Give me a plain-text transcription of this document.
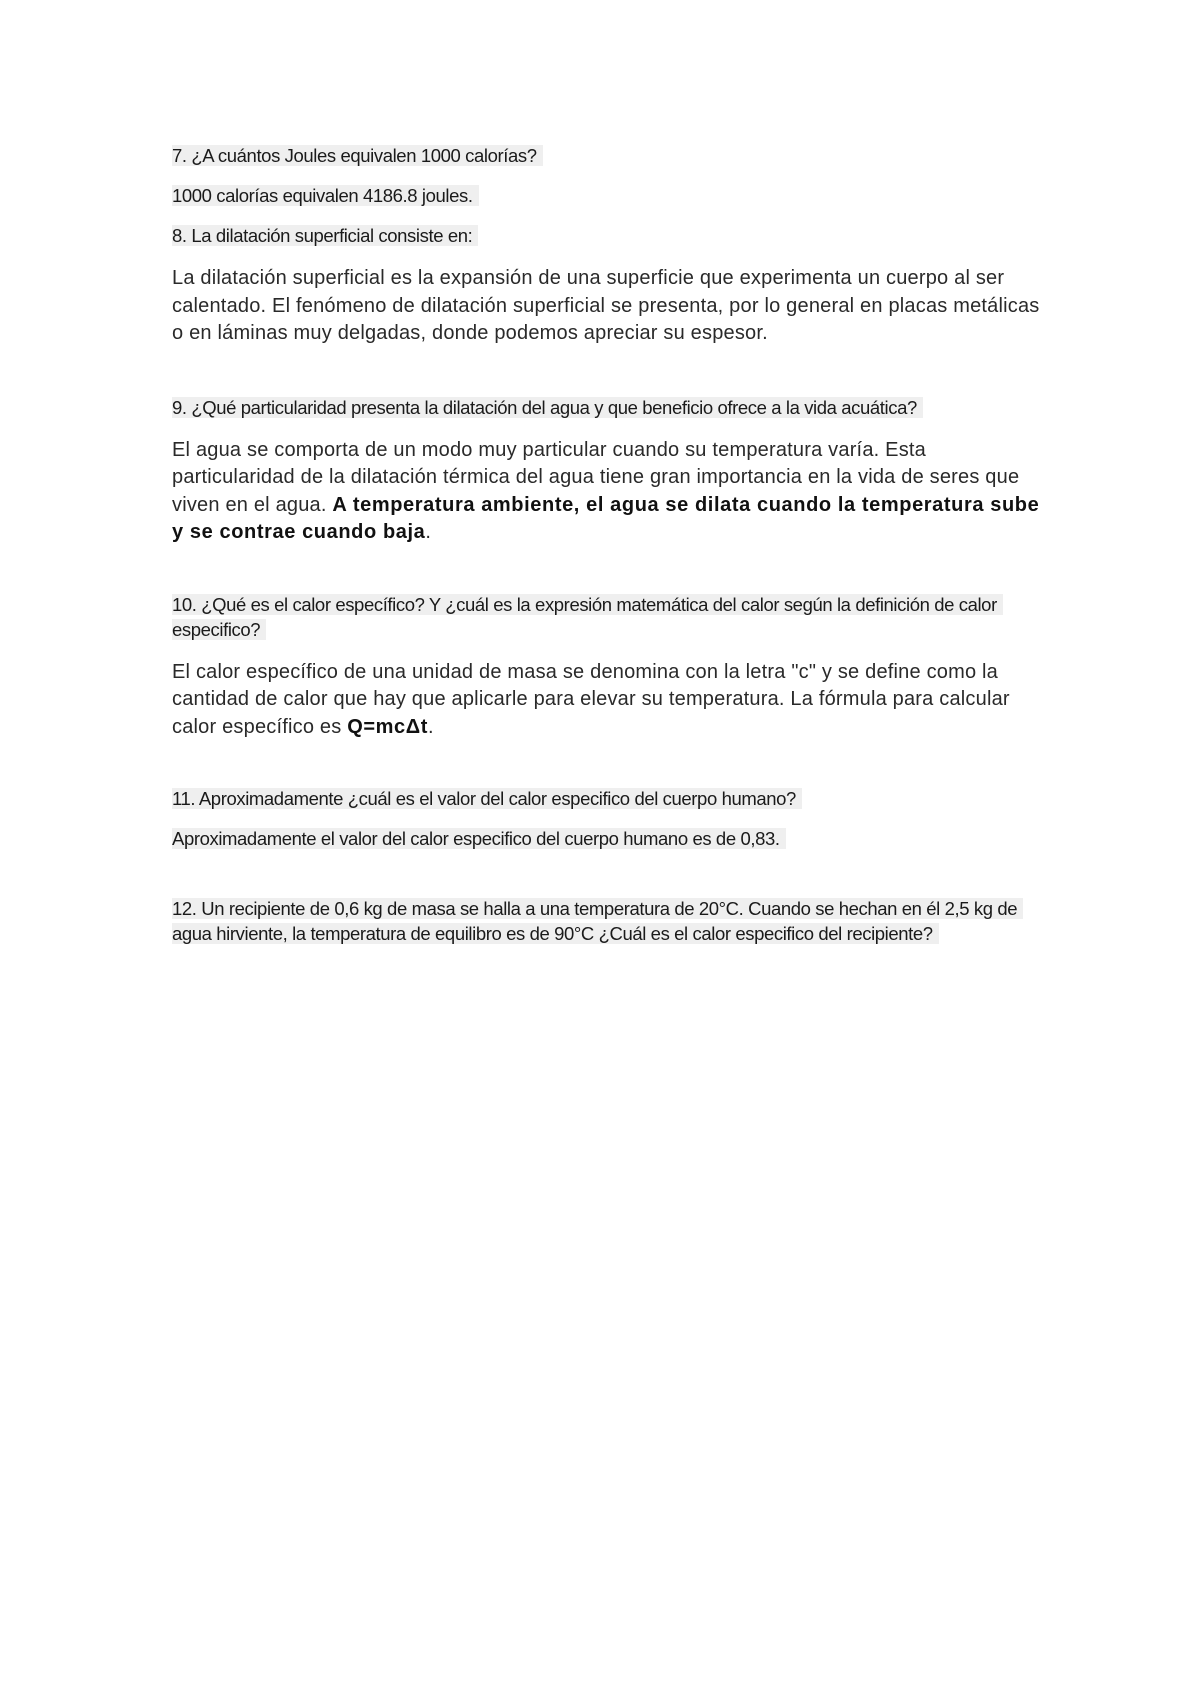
7. ¿A cuántos Joules equivalen 1000 calorías?
1000 calorías equivalen 4186.8 joules.
8. La dilatación superficial consiste en:
La dilatación superficial es la expansión de una superficie que experimenta un cuerpo al ser calentado. El fenómeno de dilatación superficial se presenta, por lo general en placas metálicas o en láminas muy delgadas, donde podemos apreciar su espesor.
9. ¿Qué particularidad presenta la dilatación del agua y que beneficio ofrece a la vida acuática?
El agua se comporta de un modo muy particular cuando su temperatura varía. Esta particularidad de la dilatación térmica del agua tiene gran importancia en la vida de seres que viven en el agua. A temperatura ambiente, el agua se dilata cuando la temperatura sube y se contrae cuando baja.
10. ¿Qué es el calor específico? Y ¿cuál es la expresión matemática del calor según la definición de calor especifico?
El calor específico de una unidad de masa se denomina con la letra "c" y se define como la cantidad de calor que hay que aplicarle para elevar su temperatura. La fórmula para calcular calor específico es Q=mcΔt.
11. Aproximadamente ¿cuál es el valor del calor especifico del cuerpo humano?
Aproximadamente el valor del calor especifico del cuerpo humano es de 0,83.
12. Un recipiente de 0,6 kg de masa se halla a una temperatura de 20°C. Cuando se hechan en él 2,5 kg de agua hirviente, la temperatura de equilibro es de 90°C ¿Cuál es el calor especifico del recipiente?
